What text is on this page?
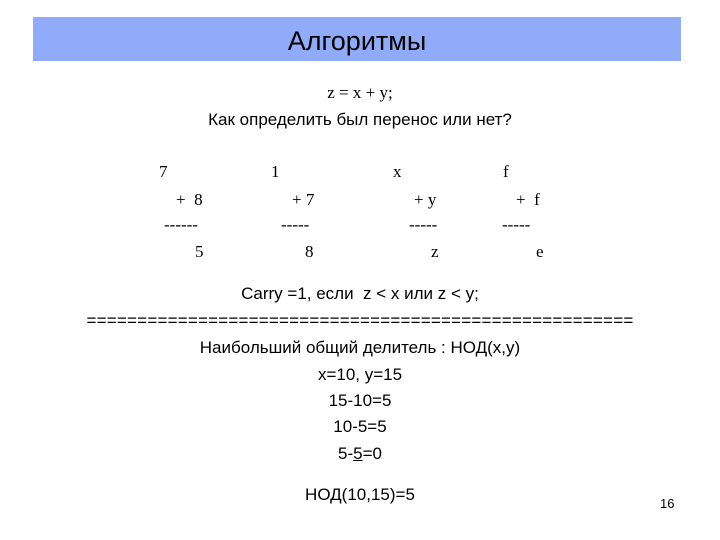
Алгоритмы
z = x + y;
Как определить был перенос или нет?
7	1	x	f
+  8	+ 7	+ y	+  f
------	-----	-----	-----
5	8	z	e
Carry =1, если  z < x или z < y;
======================================================
Наибольший общий делитель : НОД(x,y)
x=10, y=15
15-10=5
10-5=5
5-5=0
НОД(10,15)=5	16
